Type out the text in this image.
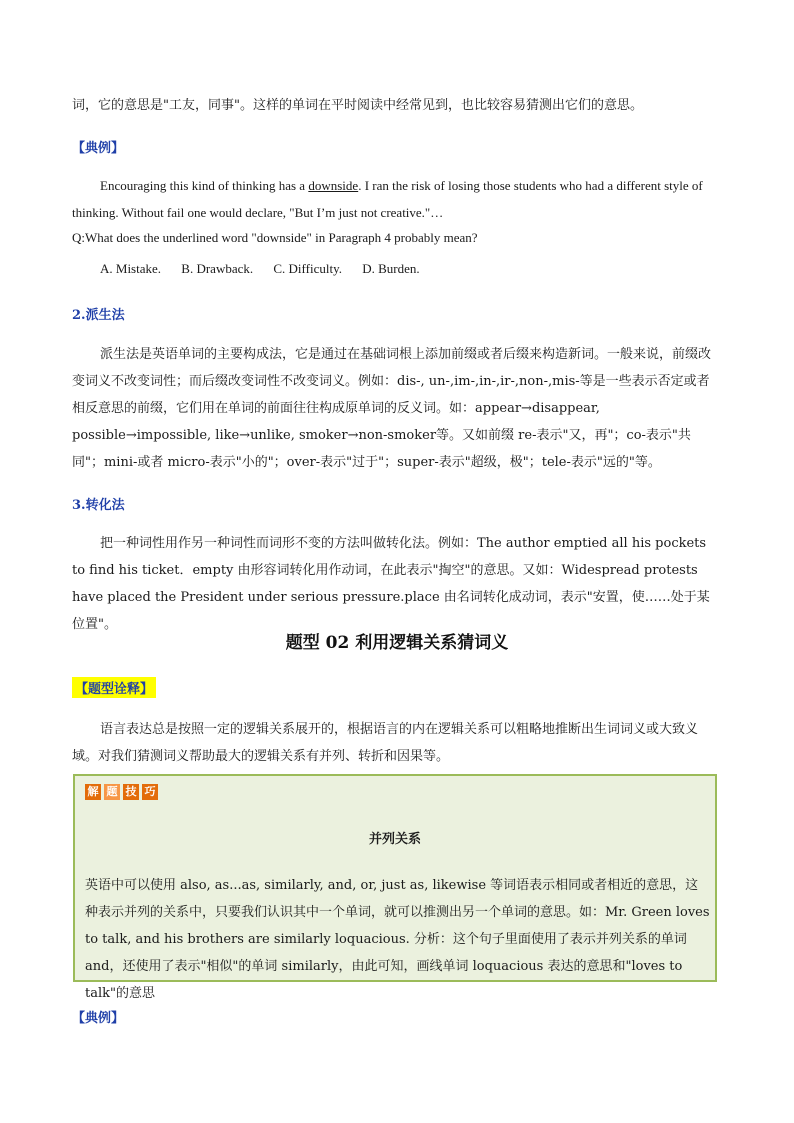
词，它的意思是"工友，同事"。这样的单词在平时阅读中经常见到，也比较容易猜测出它们的意思。

【典例】

Encouraging this kind of thinking has a downside. I ran the risk of losing those students who had a different style of thinking. Without fail one would declare, "But I’m just not creative."…

Q:What does the underlined word "downside" in Paragraph 4 probably mean?

A. Mistake. B. Drawback. C. Difficulty. D. Burden.

2.派生法

派生法是英语单词的主要构成法，它是通过在基础词根上添加前缀或者后缀来构造新词。一般来说，前缀改变词义不改变词性；而后缀改变词性不改变词义。例如：dis-, un-,im-,in-,ir-,non-,mis-等是一些表示否定或者相反意思的前缀，它们用在单词的前面往往构成原单词的反义词。如：appear→disappear, possible→impossible, like→unlike, smoker→non-smoker等。又如前缀 re-表示"又，再"；co-表示"共同"；mini-或者 micro-表示"小的"；over-表示"过于"；super-表示"超级，极"；tele-表示"远的"等。

3.转化法

把一种词性用作另一种词性而词形不变的方法叫做转化法。例如：The author emptied all his pockets to find his ticket．empty 由形容词转化用作动词，在此表示"掏空"的意思。又如：Widespread protests have placed the President under serious pressure.place 由名词转化成动词，表示"安置，使……处于某位置"。

题型 02 利用逻辑关系猜词义

【题型诠释】

语言表达总是按照一定的逻辑关系展开的，根据语言的内在逻辑关系可以粗略地推断出生词词义或大致义域。对我们猜测词义帮助最大的逻辑关系有并列、转折和因果等。

解 题 技 巧

并列关系

英语中可以使用 also, as...as, similarly, and, or, just as, likewise 等词语表示相同或者相近的意思，这种表示并列的关系中，只要我们认识其中一个单词，就可以推测出另一个单词的意思。如：Mr. Green loves to talk, and his brothers are similarly loquacious. 分析：这个句子里面使用了表示并列关系的单词and，还使用了表示"相似"的单词 similarly，由此可知，画线单词 loquacious 表达的意思和"loves to talk"的意思

【典例】
